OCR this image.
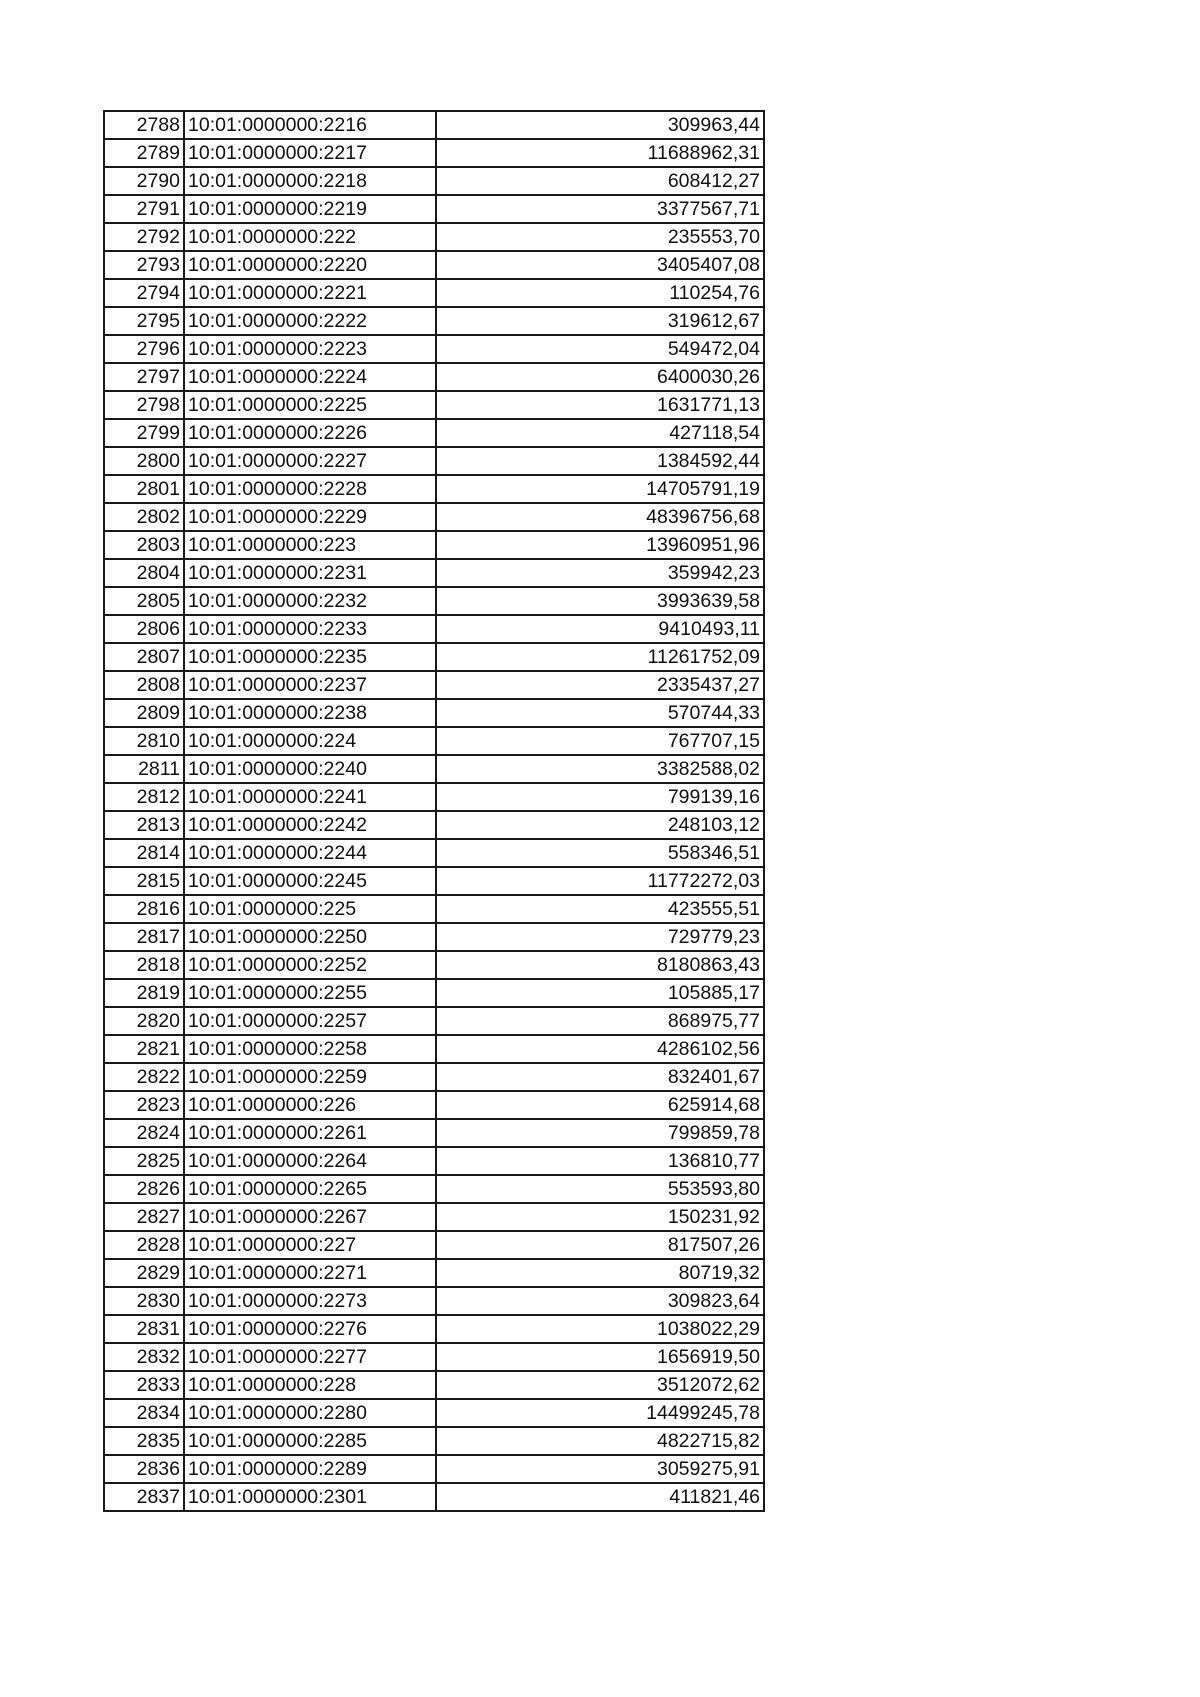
2788	10:01:0000000:2216	309963,44
2789	10:01:0000000:2217	11688962,31
2790	10:01:0000000:2218	608412,27
2791	10:01:0000000:2219	3377567,71
2792	10:01:0000000:222	235553,70
2793	10:01:0000000:2220	3405407,08
2794	10:01:0000000:2221	110254,76
2795	10:01:0000000:2222	319612,67
2796	10:01:0000000:2223	549472,04
2797	10:01:0000000:2224	6400030,26
2798	10:01:0000000:2225	1631771,13
2799	10:01:0000000:2226	427118,54
2800	10:01:0000000:2227	1384592,44
2801	10:01:0000000:2228	14705791,19
2802	10:01:0000000:2229	48396756,68
2803	10:01:0000000:223	13960951,96
2804	10:01:0000000:2231	359942,23
2805	10:01:0000000:2232	3993639,58
2806	10:01:0000000:2233	9410493,11
2807	10:01:0000000:2235	11261752,09
2808	10:01:0000000:2237	2335437,27
2809	10:01:0000000:2238	570744,33
2810	10:01:0000000:224	767707,15
2811	10:01:0000000:2240	3382588,02
2812	10:01:0000000:2241	799139,16
2813	10:01:0000000:2242	248103,12
2814	10:01:0000000:2244	558346,51
2815	10:01:0000000:2245	11772272,03
2816	10:01:0000000:225	423555,51
2817	10:01:0000000:2250	729779,23
2818	10:01:0000000:2252	8180863,43
2819	10:01:0000000:2255	105885,17
2820	10:01:0000000:2257	868975,77
2821	10:01:0000000:2258	4286102,56
2822	10:01:0000000:2259	832401,67
2823	10:01:0000000:226	625914,68
2824	10:01:0000000:2261	799859,78
2825	10:01:0000000:2264	136810,77
2826	10:01:0000000:2265	553593,80
2827	10:01:0000000:2267	150231,92
2828	10:01:0000000:227	817507,26
2829	10:01:0000000:2271	80719,32
2830	10:01:0000000:2273	309823,64
2831	10:01:0000000:2276	1038022,29
2832	10:01:0000000:2277	1656919,50
2833	10:01:0000000:228	3512072,62
2834	10:01:0000000:2280	14499245,78
2835	10:01:0000000:2285	4822715,82
2836	10:01:0000000:2289	3059275,91
2837	10:01:0000000:2301	411821,46
